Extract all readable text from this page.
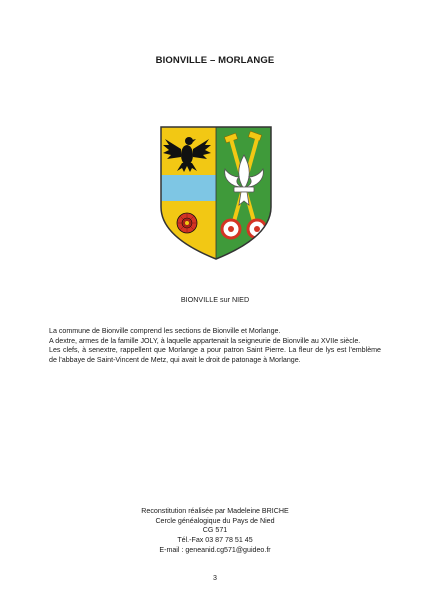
BIONVILLE – MORLANGE
BIONVILLE sur NIED

La commune de Bionville comprend les sections de Bionville et Morlange.

A dextre, armes de la famille JOLY, à laquelle appartenait la seigneurie de Bionville au XVIIe siècle.

Les clefs, à senextre, rappellent que Morlange a pour patron Saint Pierre. La fleur de lys est l'emblème de l'abbaye de Saint-Vincent de Metz, qui avait le droit de patonage à Morlange.

Reconstitution réalisée par Madeleine BRICHE
Cercle généalogique du Pays de Nied
CG 571
Tél.-Fax 03 87 78 51 45
E-mail : geneanid.cg571@guideo.fr
3
